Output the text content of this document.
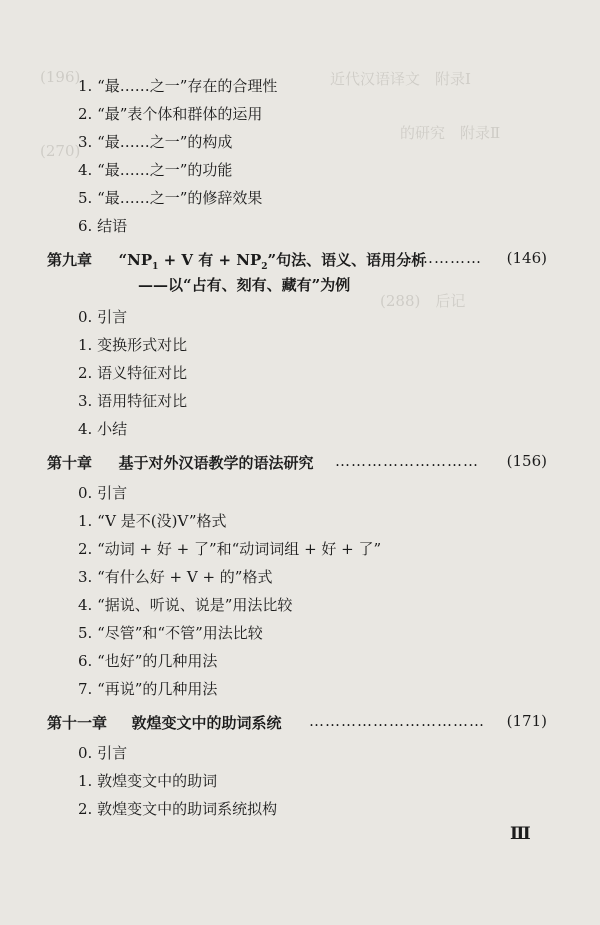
(196)	近代汉语译文　附录Ⅰ
的研究　附录Ⅱ
(270)
(288)　后记
1. “最……之一”存在的合理性
2. “最”表个体和群体的运用
3. “最……之一”的构成
4. “最……之一”的功能
5. “最……之一”的修辞效果
6. 结语
第九章 “$NP_1 + V$ 有 + $NP_2$”句法、语义、语用分析
…………… (146)
——以“占有、刻有、藏有”为例
0. 引言
1. 变换形式对比
2. 语义特征对比
3. 语用特征对比
4. 小结
第十章 基于对外汉语教学的语法研究 ……………………… (156)
0. 引言
1. “V 是不(没)V”格式
2. “动词 + 好 + 了”和“动词词组 + 好 + 了”
3. “有什么好 + V + 的”格式
4. “据说、听说、说是”用法比较
5. “尽管”和“不管”用法比较
6. “也好”的几种用法
7. “再说”的几种用法
第十一章 敦煌变文中的助词系统 …………………………… (171)
0. 引言
1. 敦煌变文中的助词
2. 敦煌变文中的助词系统拟构
Ⅲ
